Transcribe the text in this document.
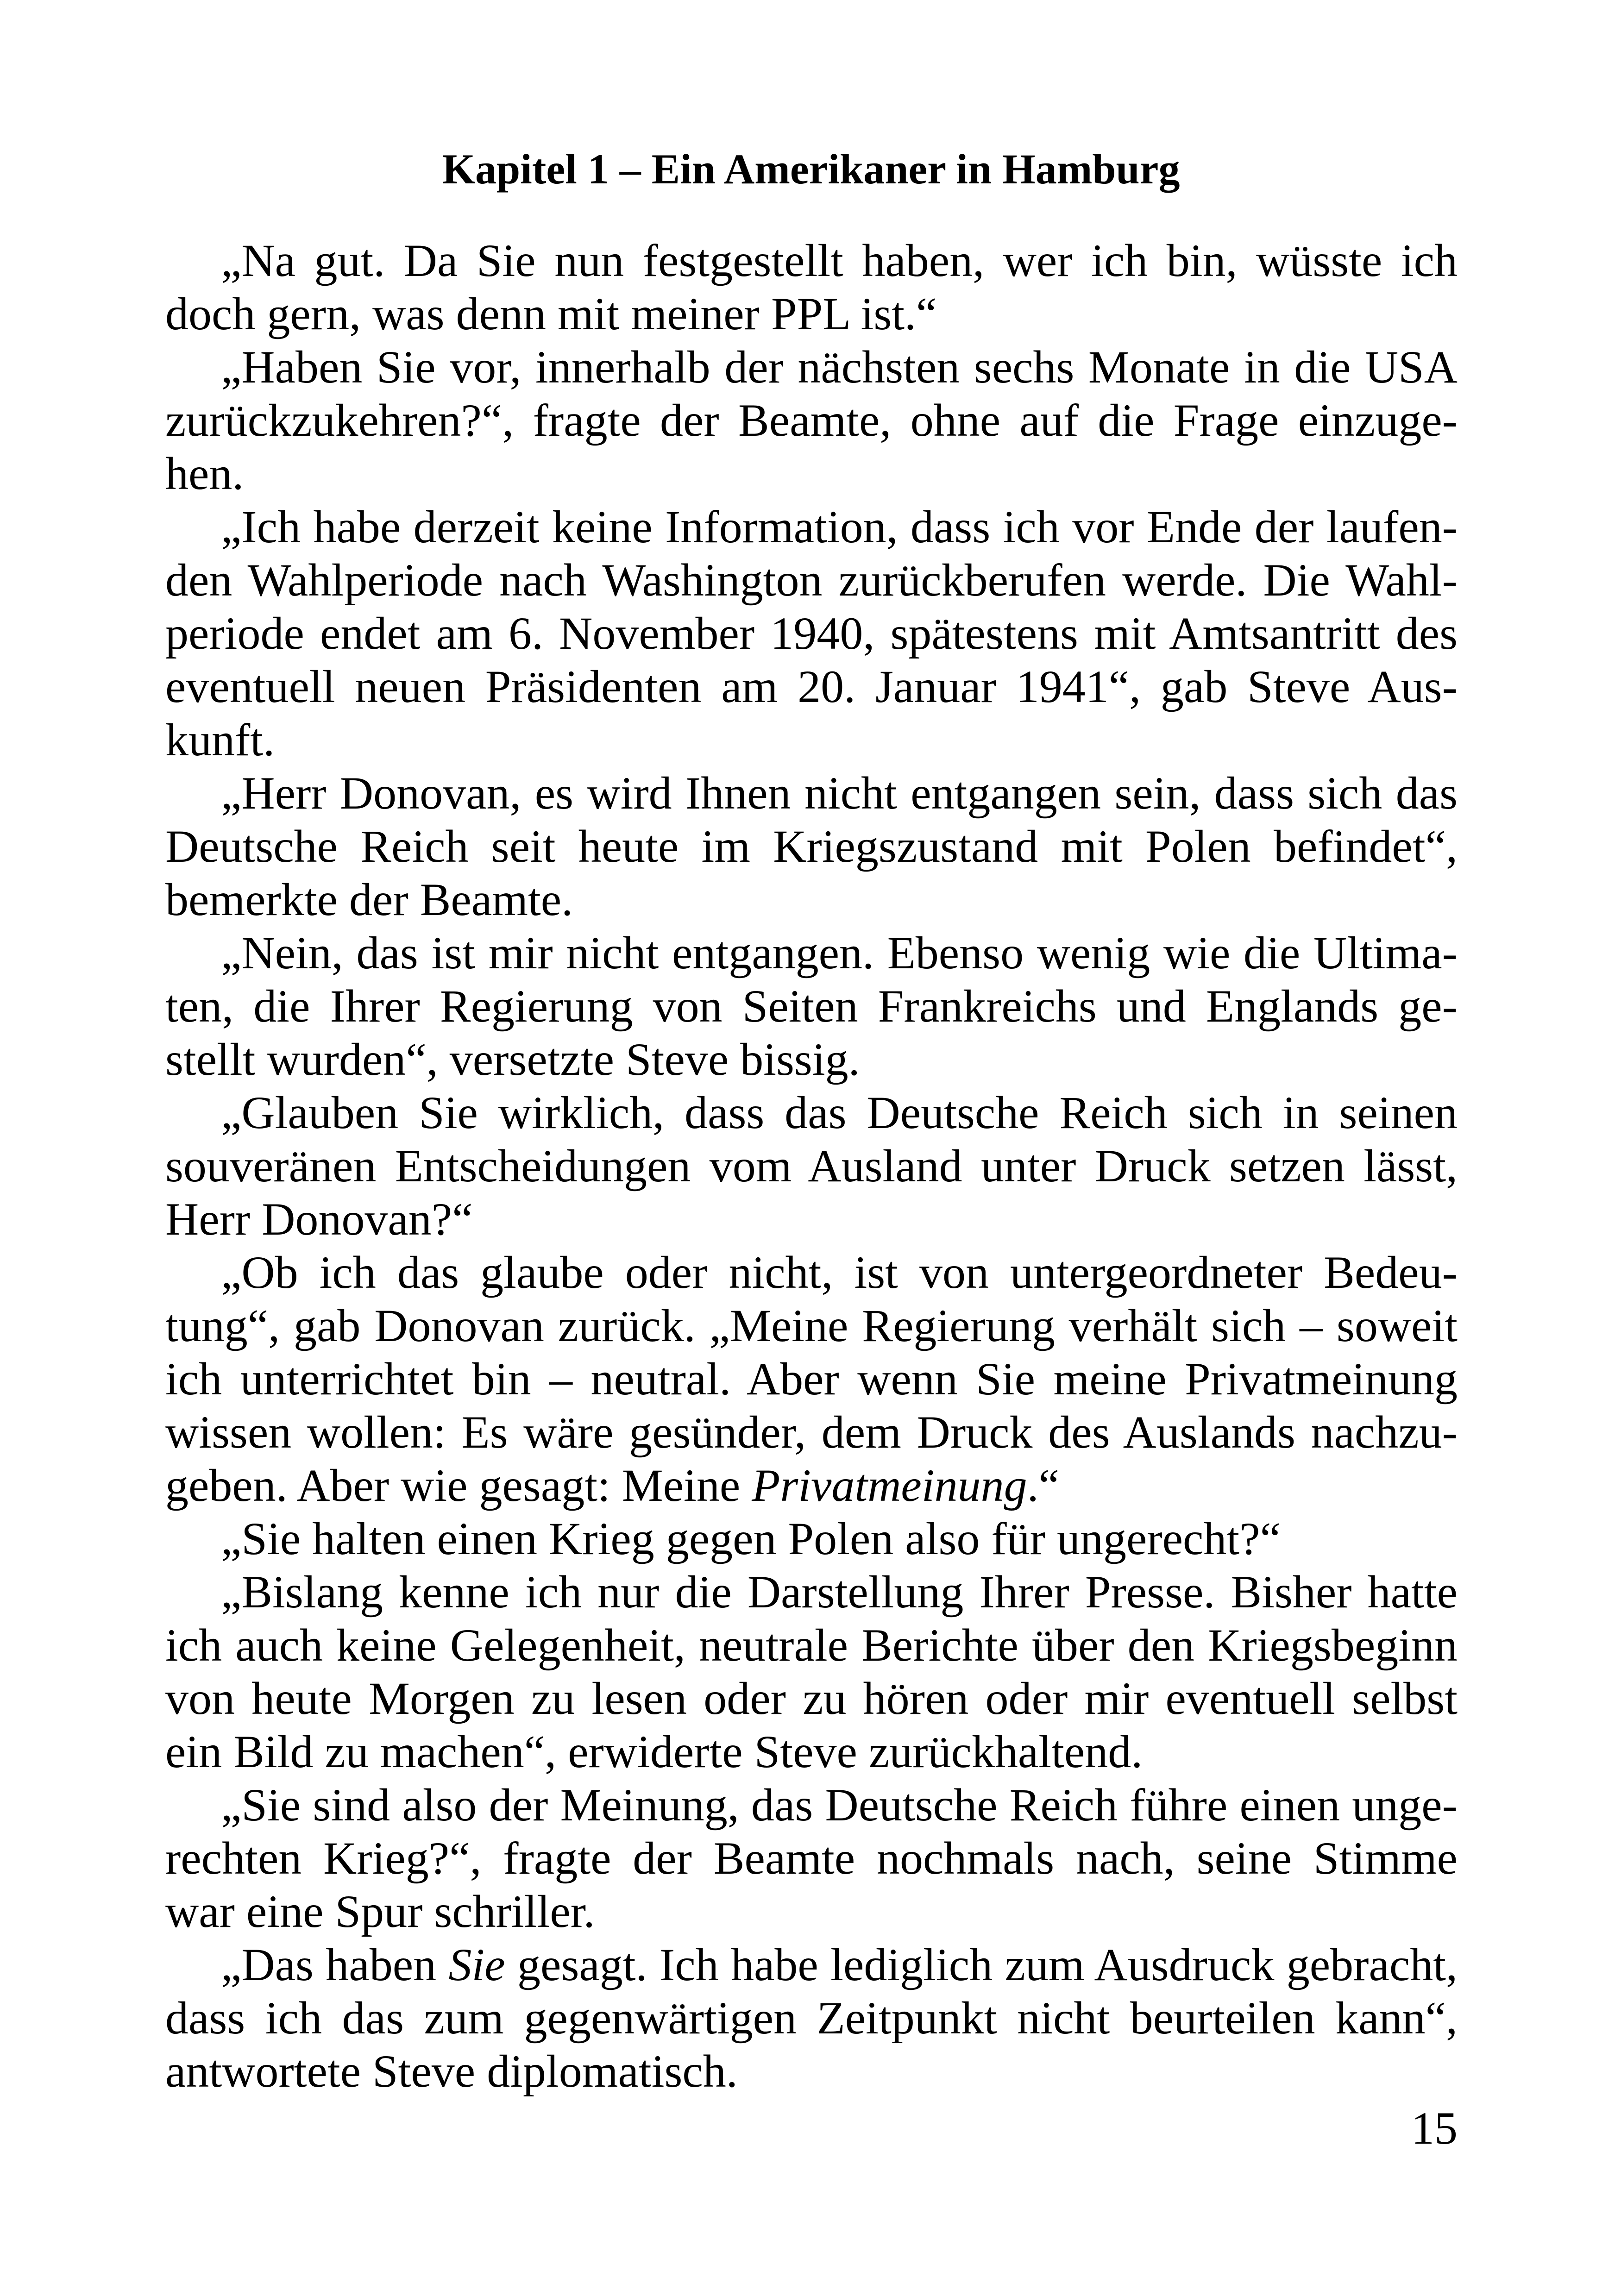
Kapitel 1 – Ein Amerikaner in Hamburg
„Na gut. Da Sie nun festgestellt haben, wer ich bin, wüsste ich
doch gern, was denn mit meiner PPL ist.“
„Haben Sie vor, innerhalb der nächsten sechs Monate in die USA
zurückzukehren?“, fragte der Beamte, ohne auf die Frage einzuge-
hen.
„Ich habe derzeit keine Information, dass ich vor Ende der laufen-
den Wahlperiode nach Washington zurückberufen werde. Die Wahl-
periode endet am 6. November 1940, spätestens mit Amtsantritt des
eventuell neuen Präsidenten am 20. Januar 1941“, gab Steve Aus-
kunft.
„Herr Donovan, es wird Ihnen nicht entgangen sein, dass sich das
Deutsche Reich seit heute im Kriegszustand mit Polen befindet“,
bemerkte der Beamte.
„Nein, das ist mir nicht entgangen. Ebenso wenig wie die Ultima-
ten, die Ihrer Regierung von Seiten Frankreichs und Englands ge-
stellt wurden“, versetzte Steve bissig.
„Glauben Sie wirklich, dass das Deutsche Reich sich in seinen
souveränen Entscheidungen vom Ausland unter Druck setzen lässt,
Herr Donovan?“
„Ob ich das glaube oder nicht, ist von untergeordneter Bedeu-
tung“, gab Donovan zurück. „Meine Regierung verhält sich – soweit
ich unterrichtet bin – neutral. Aber wenn Sie meine Privatmeinung
wissen wollen: Es wäre gesünder, dem Druck des Auslands nachzu-
geben. Aber wie gesagt: Meine Privatmeinung.“
„Sie halten einen Krieg gegen Polen also für ungerecht?“
„Bislang kenne ich nur die Darstellung Ihrer Presse. Bisher hatte
ich auch keine Gelegenheit, neutrale Berichte über den Kriegsbeginn
von heute Morgen zu lesen oder zu hören oder mir eventuell selbst
ein Bild zu machen“, erwiderte Steve zurückhaltend.
„Sie sind also der Meinung, das Deutsche Reich führe einen unge-
rechten Krieg?“, fragte der Beamte nochmals nach, seine Stimme
war eine Spur schriller.
„Das haben Sie gesagt. Ich habe lediglich zum Ausdruck gebracht,
dass ich das zum gegenwärtigen Zeitpunkt nicht beurteilen kann“,
antwortete Steve diplomatisch.
15
